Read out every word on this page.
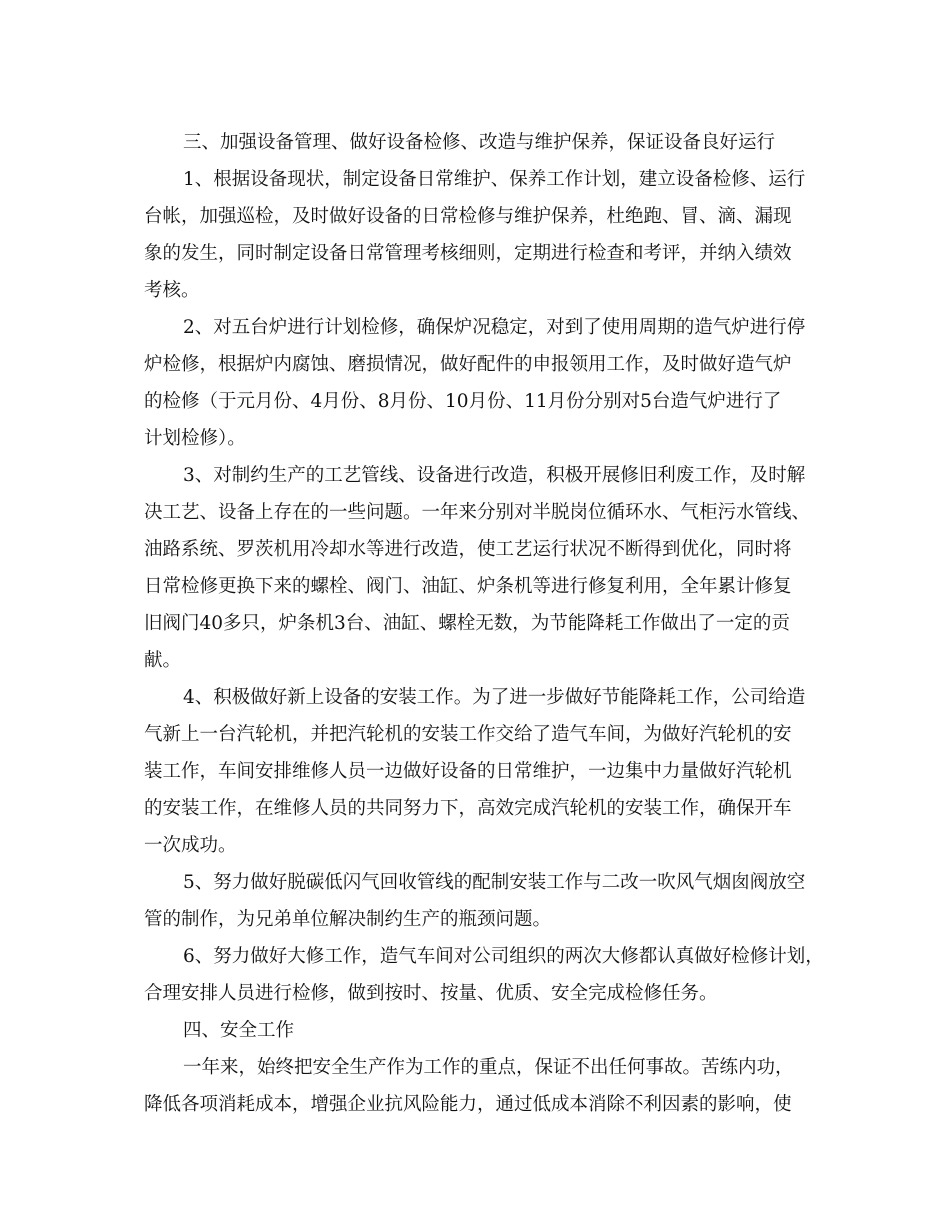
三、加强设备管理、做好设备检修、改造与维护保养，保证设备良好运行
1、根据设备现状，制定设备日常维护、保养工作计划，建立设备检修、运行
台帐，加强巡检，及时做好设备的日常检修与维护保养，杜绝跑、冒、滴、漏现
象的发生，同时制定设备日常管理考核细则，定期进行检查和考评，并纳入绩效
考核。
2、对五台炉进行计划检修，确保炉况稳定，对到了使用周期的造气炉进行停
炉检修，根据炉内腐蚀、磨损情况，做好配件的申报领用工作，及时做好造气炉
的检修（于元月份、4月份、8月份、10月份、11月份分别对5台造气炉进行了
计划检修）。
3、对制约生产的工艺管线、设备进行改造，积极开展修旧利废工作，及时解
决工艺、设备上存在的一些问题。一年来分别对半脱岗位循环水、气柜污水管线、
油路系统、罗茨机用冷却水等进行改造，使工艺运行状况不断得到优化，同时将
日常检修更换下来的螺栓、阀门、油缸、炉条机等进行修复利用，全年累计修复
旧阀门40多只，炉条机3台、油缸、螺栓无数，为节能降耗工作做出了一定的贡
献。
4、积极做好新上设备的安装工作。为了进一步做好节能降耗工作，公司给造
气新上一台汽轮机，并把汽轮机的安装工作交给了造气车间，为做好汽轮机的安
装工作，车间安排维修人员一边做好设备的日常维护，一边集中力量做好汽轮机
的安装工作，在维修人员的共同努力下，高效完成汽轮机的安装工作，确保开车
一次成功。
5、努力做好脱碳低闪气回收管线的配制安装工作与二改一吹风气烟囱阀放空
管的制作，为兄弟单位解决制约生产的瓶颈问题。
6、努力做好大修工作，造气车间对公司组织的两次大修都认真做好检修计划，
合理安排人员进行检修，做到按时、按量、优质、安全完成检修任务。
四、安全工作
一年来，始终把安全生产作为工作的重点，保证不出任何事故。苦练内功，
降低各项消耗成本，增强企业抗风险能力，通过低成本消除不利因素的影响，使
